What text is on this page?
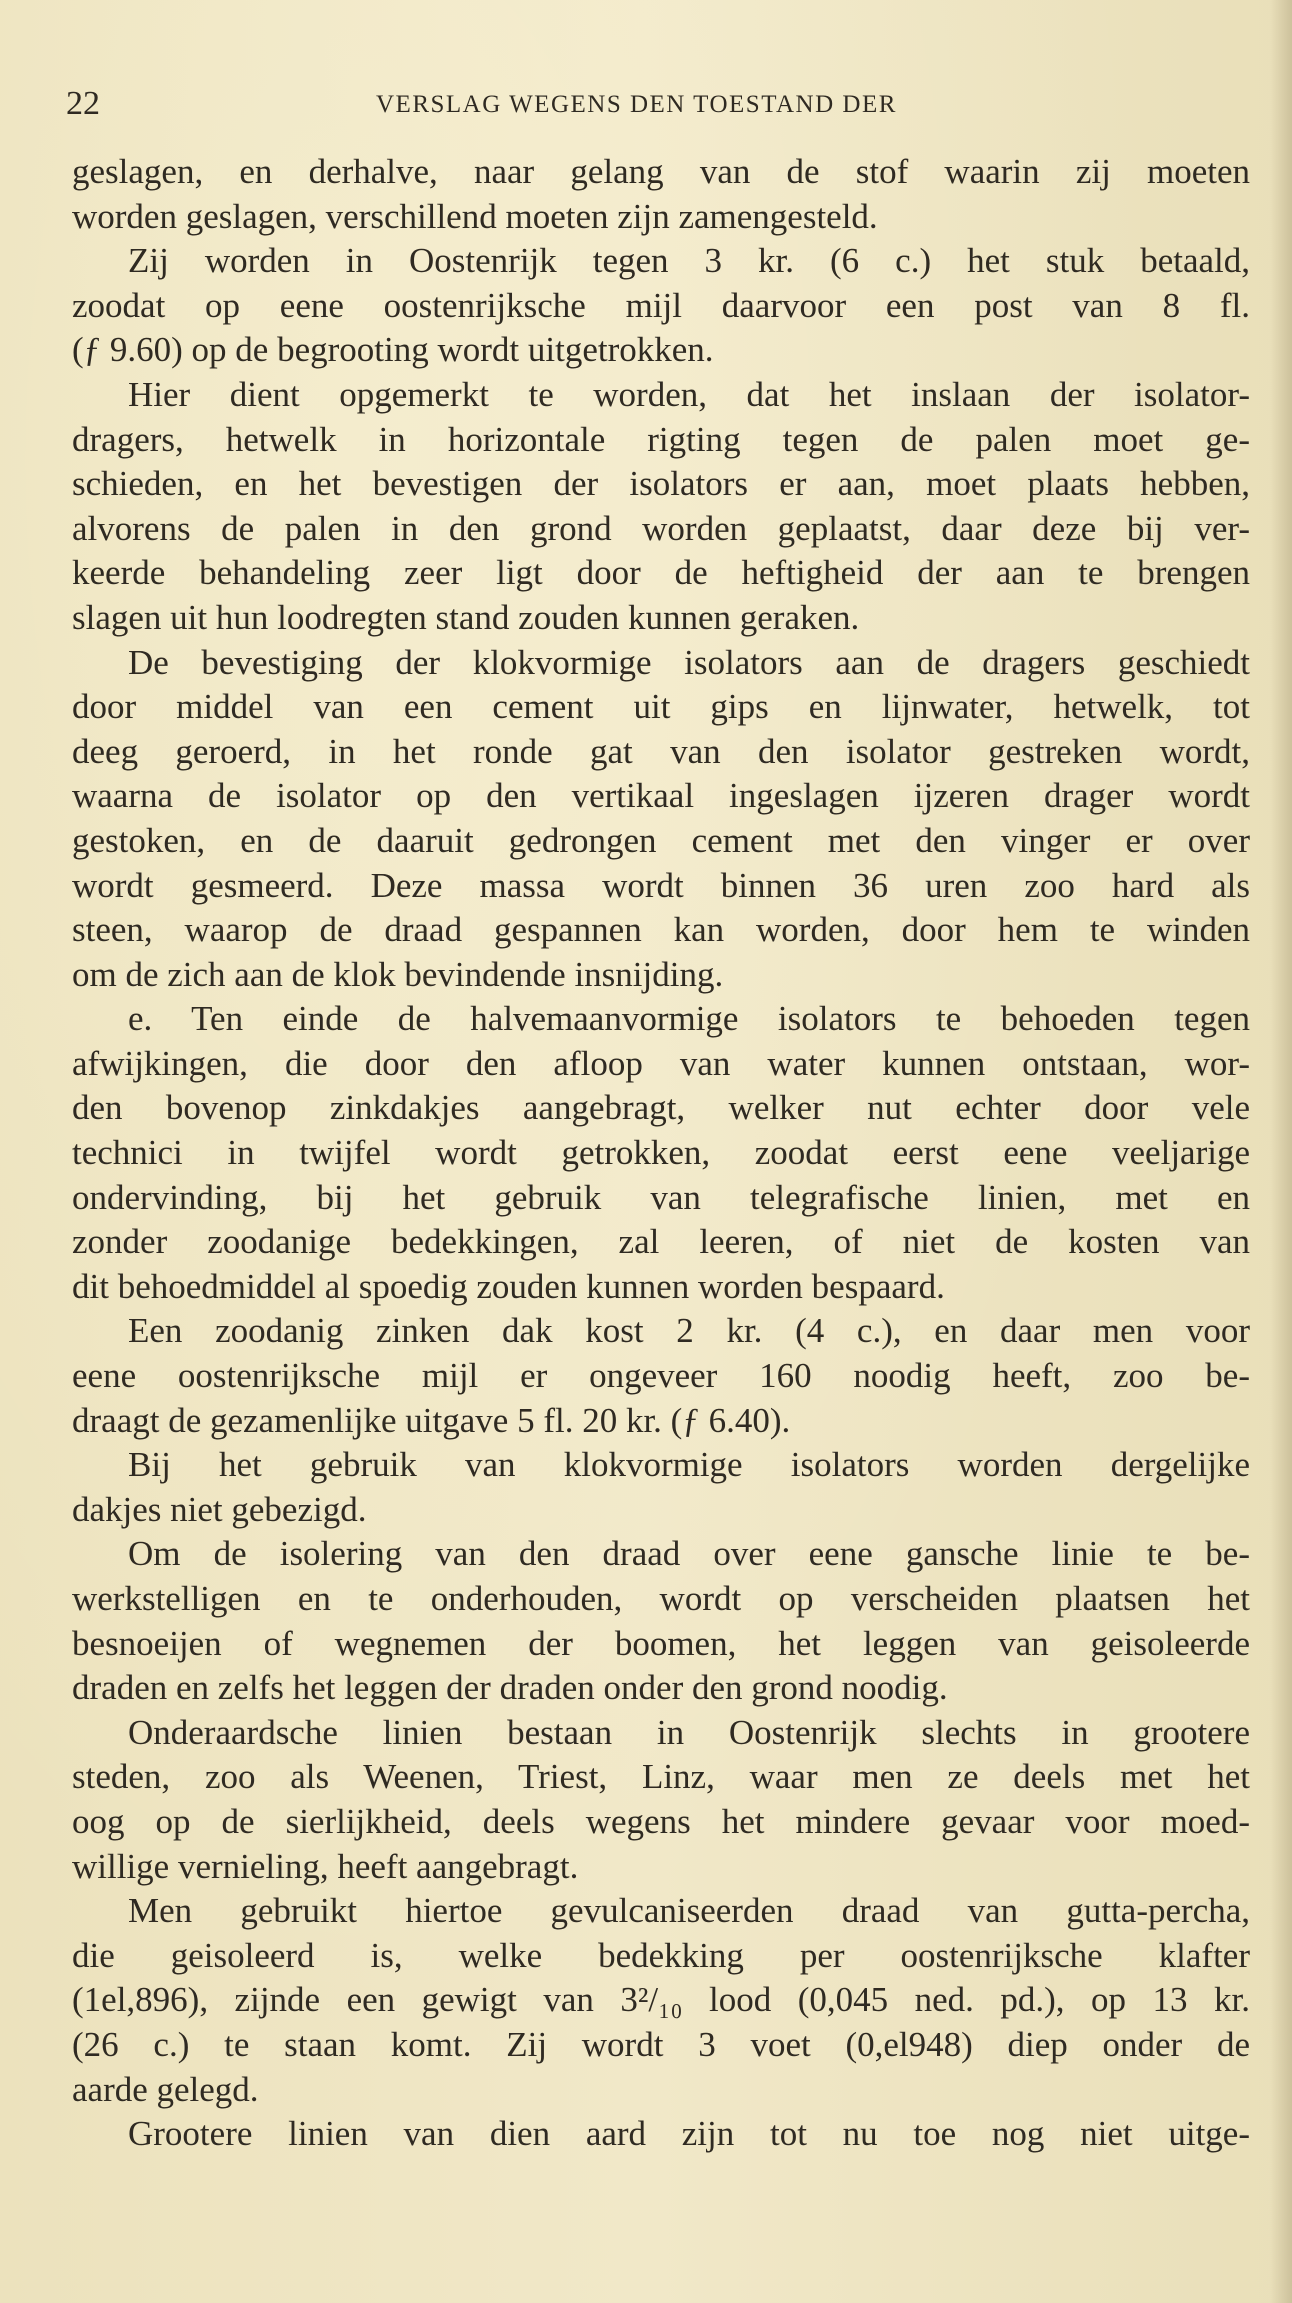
22	VERSLAG WEGENS DEN TOESTAND DER
geslagen, en derhalve, naar gelang van de stof waarin zij moeten
worden geslagen, verschillend moeten zijn zamengesteld.
Zij worden in Oostenrijk tegen 3 kr. (6 c.) het stuk betaald,
zoodat op eene oostenrijksche mijl daarvoor een post van 8 fl.
(ƒ 9.60) op de begrooting wordt uitgetrokken.
Hier dient opgemerkt te worden, dat het inslaan der isolator-
dragers, hetwelk in horizontale rigting tegen de palen moet ge-
schieden, en het bevestigen der isolators er aan, moet plaats hebben,
alvorens de palen in den grond worden geplaatst, daar deze bij ver-
keerde behandeling zeer ligt door de heftigheid der aan te brengen
slagen uit hun loodregten stand zouden kunnen geraken.
De bevestiging der klokvormige isolators aan de dragers geschiedt
door middel van een cement uit gips en lijnwater, hetwelk, tot
deeg geroerd, in het ronde gat van den isolator gestreken wordt,
waarna de isolator op den vertikaal ingeslagen ijzeren drager wordt
gestoken, en de daaruit gedrongen cement met den vinger er over
wordt gesmeerd. Deze massa wordt binnen 36 uren zoo hard als
steen, waarop de draad gespannen kan worden, door hem te winden
om de zich aan de klok bevindende insnijding.
e. Ten einde de halvemaanvormige isolators te behoeden tegen
afwijkingen, die door den afloop van water kunnen ontstaan, wor-
den bovenop zinkdakjes aangebragt, welker nut echter door vele
technici in twijfel wordt getrokken, zoodat eerst eene veeljarige
ondervinding, bij het gebruik van telegrafische linien, met en
zonder zoodanige bedekkingen, zal leeren, of niet de kosten van
dit behoedmiddel al spoedig zouden kunnen worden bespaard.
Een zoodanig zinken dak kost 2 kr. (4 c.), en daar men voor
eene oostenrijksche mijl er ongeveer 160 noodig heeft, zoo be-
draagt de gezamenlijke uitgave 5 fl. 20 kr. (ƒ 6.40).
Bij het gebruik van klokvormige isolators worden dergelijke
dakjes niet gebezigd.
Om de isolering van den draad over eene gansche linie te be-
werkstelligen en te onderhouden, wordt op verscheiden plaatsen het
besnoeijen of wegnemen der boomen, het leggen van geisoleerde
draden en zelfs het leggen der draden onder den grond noodig.
Onderaardsche linien bestaan in Oostenrijk slechts in grootere
steden, zoo als Weenen, Triest, Linz, waar men ze deels met het
oog op de sierlijkheid, deels wegens het mindere gevaar voor moed-
willige vernieling, heeft aangebragt.
Men gebruikt hiertoe gevulcaniseerden draad van gutta-percha,
die geisoleerd is, welke bedekking per oostenrijksche klafter
(1el,896), zijnde een gewigt van 3²/₁₀ lood (0,045 ned. pd.), op 13 kr.
(26 c.) te staan komt. Zij wordt 3 voet (0,el948) diep onder de
aarde gelegd.
Grootere linien van dien aard zijn tot nu toe nog niet uitge-
